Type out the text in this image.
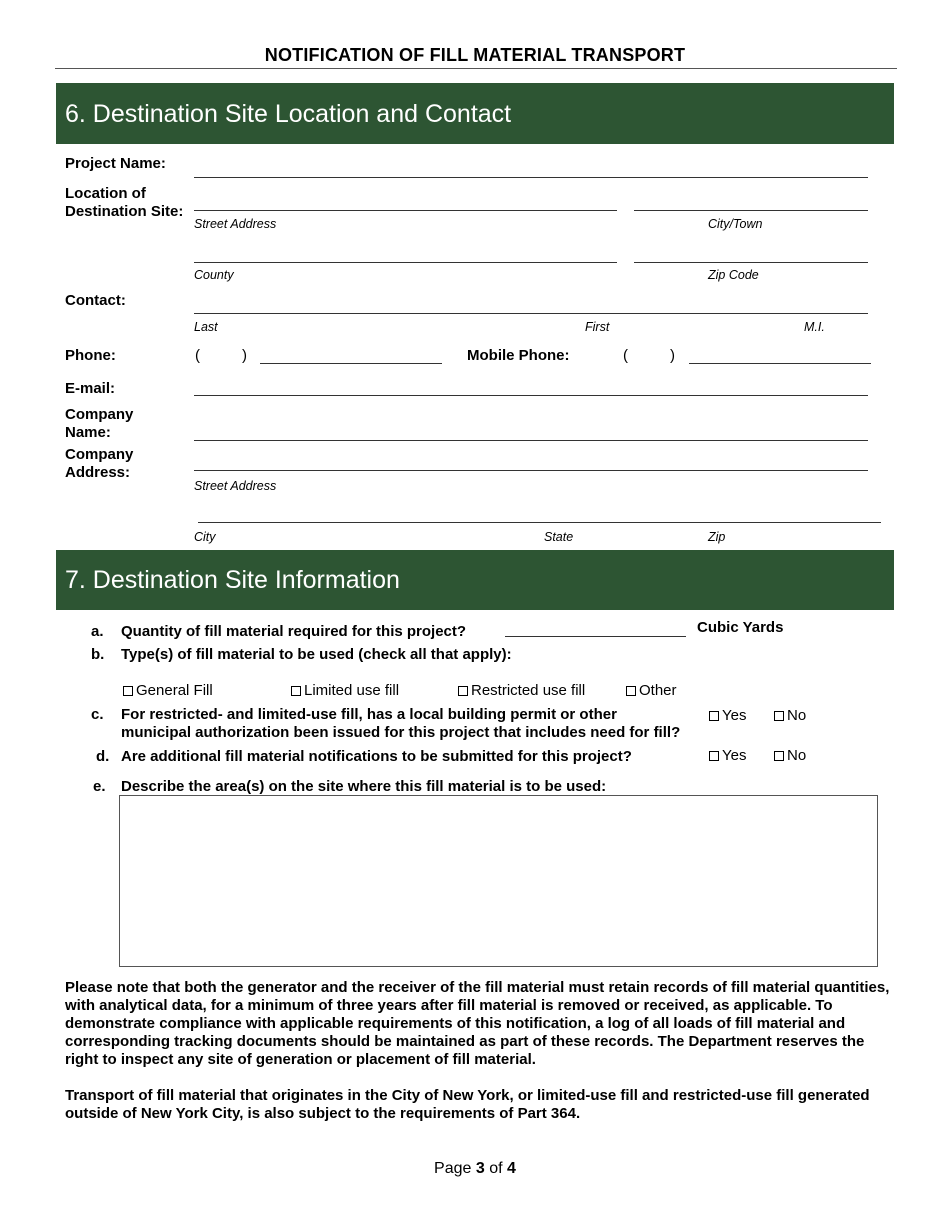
NOTIFICATION OF FILL MATERIAL TRANSPORT
6. Destination Site Location and Contact
Project Name:
Location of Destination Site:
Street Address	City/Town
County	Zip Code
Contact:
Last	First	M.I.
Phone:	(	)	Mobile Phone:	(	)
E-mail:
Company Name:
Company Address:
Street Address
City	State	Zip
7. Destination Site Information
a. Quantity of fill material required for this project?	Cubic Yards
b. Type(s) of fill material to be used (check all that apply):
General Fill	Limited use fill	Restricted use fill	Other
c. For restricted- and limited-use fill, has a local building permit or other
municipal authorization been issued for this project that includes need for fill?
Yes	No
d. Are additional fill material notifications to be submitted for this project?	Yes	No
e. Describe the area(s) on the site where this fill material is to be used:
Please note that both the generator and the receiver of the fill material must retain records of fill material quantities, with analytical data, for a minimum of three years after fill material is removed or received, as applicable. To demonstrate compliance with applicable requirements of this notification, a log of all loads of fill material and corresponding tracking documents should be maintained as part of these records. The Department reserves the right to inspect any site of generation or placement of fill material.
Transport of fill material that originates in the City of New York, or limited-use fill and restricted-use fill generated outside of New York City, is also subject to the requirements of Part 364.
Page 3 of 4
